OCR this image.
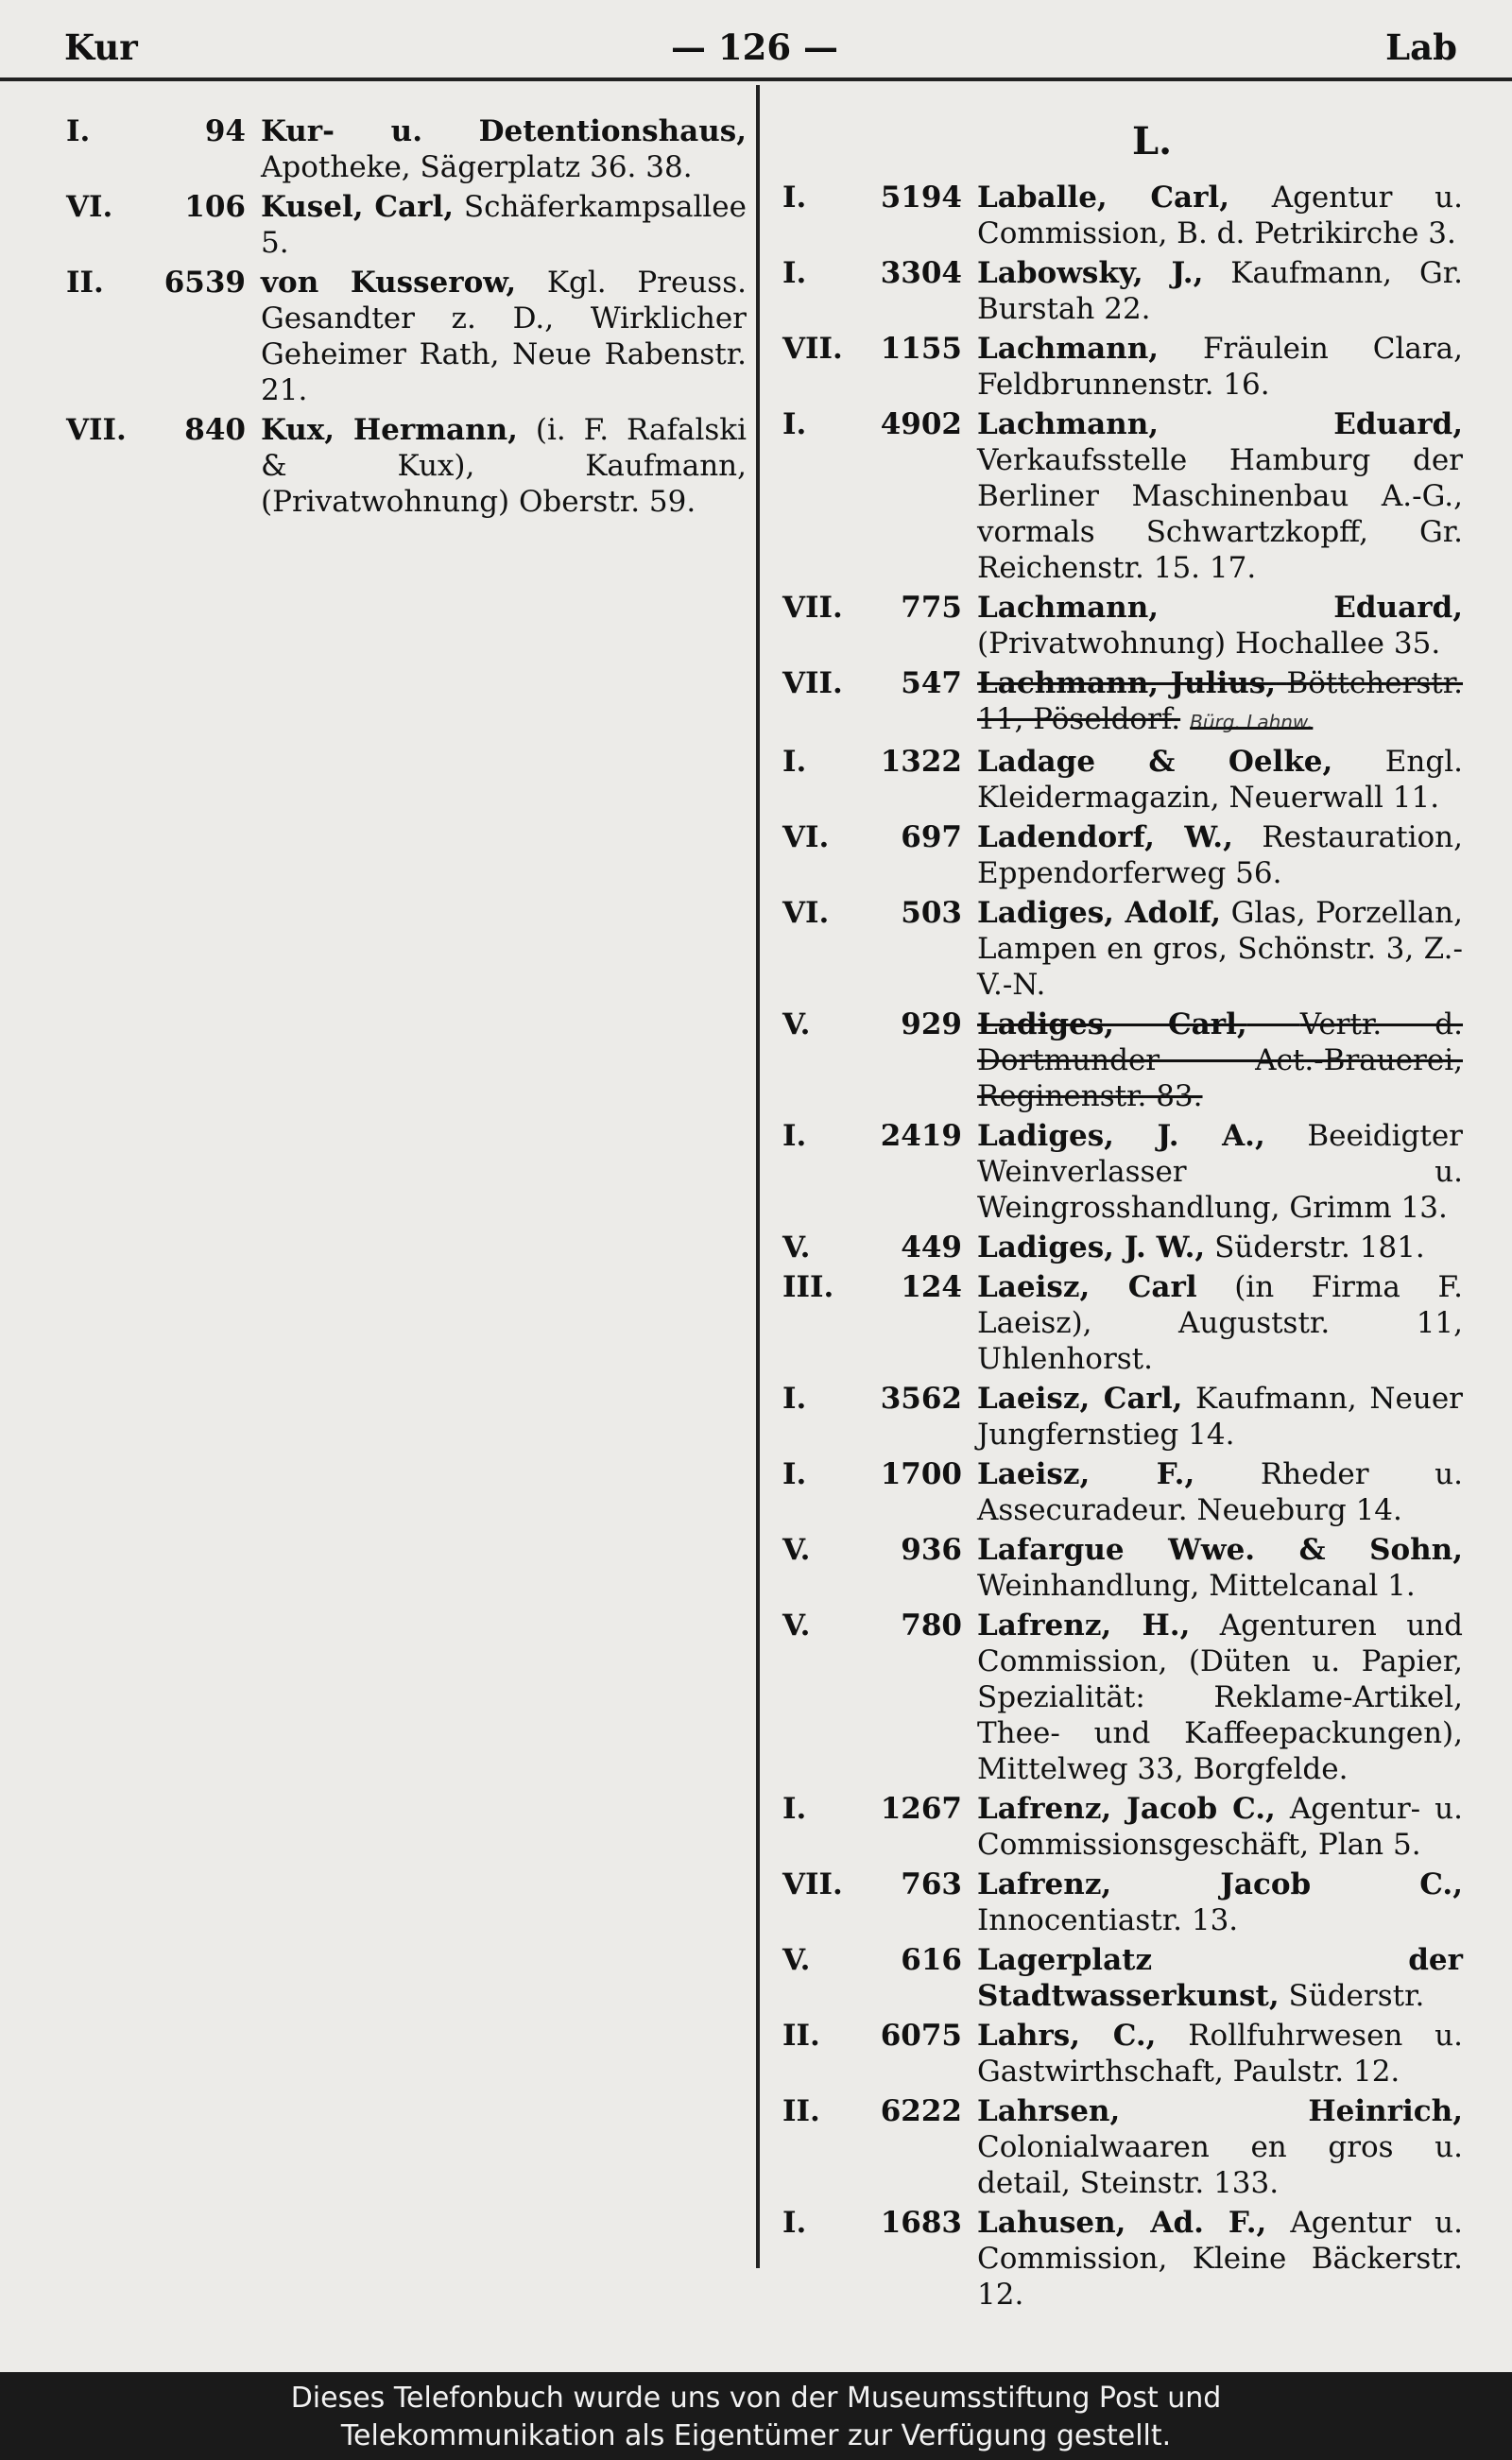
Kur	— 126 —	Lab
I.	94 Kur- u. Detentionshaus, Apotheke, Sägerplatz 36. 38.
VI. 106 Kusel, Carl, Schäferkampsallee 5.
II. 6539 von Kusserow, Kgl. Preuss. Gesandter z. D., Wirklicher Geheimer Rath, Neue Rabenstr. 21.
VII. 840 Kux, Hermann, (i. F. Rafalski & Kux), Kaufmann, (Privatwohnung) Oberstr. 59.
L.
I.	5194 Laballe, Carl, Agentur u. Commission, B. d. Petrikirche 3.
I.	3304 Labowsky, J., Kaufmann, Gr. Burstah 22.
VII. 1155 Lachmann, Fräulein Clara, Feldbrunnenstr. 16.
I.	4902 Lachmann, Eduard, Verkaufsstelle Hamburg der Berliner Maschinenbau A.-G., vormals Schwartzkopff, Gr. Reichenstr. 15. 17.
VII. 775 Lachmann, Eduard, (Privatwohnung) Hochallee 35.
VII. 547 Lachmann, Julius, Böttcherstr. 11, Pöseldorf. Bürg. Lahnw.
I.	1322 Ladage & Oelke, Engl. Kleidermagazin, Neuerwall 11.
VI. 697 Ladendorf, W., Restauration, Eppendorferweg 56.
VI. 503 Ladiges, Adolf, Glas, Porzellan, Lampen en gros, Schönstr. 3, Z.-V.-N.
V.	929 Ladiges, Carl, Vertr. d. Dortmunder Act.-Brauerei, Reginenstr. 83.
I.	2419 Ladiges, J. A., Beeidigter Weinverlasser u. Weingrosshandlung, Grimm 13.
V.	449 Ladiges, J. W., Süderstr. 181.
III. 124 Laeisz, Carl (in Firma F. Laeisz), Auguststr. 11, Uhlenhorst.
I.	3562 Laeisz, Carl, Kaufmann, Neuer Jungfernstieg 14.
I.	1700 Laeisz, F., Rheder u. Assecuradeur. Neueburg 14.
V.	936 Lafargue Wwe. & Sohn, Weinhandlung, Mittelcanal 1.
V.	780 Lafrenz, H., Agenturen und Commission, (Düten u. Papier, Spezialität: Reklame-Artikel, Thee- und Kaffeepackungen), Mittelweg 33, Borgfelde.
I.	1267 Lafrenz, Jacob C., Agentur- u. Commissionsgeschäft, Plan 5.
VII. 763 Lafrenz, Jacob C., Innocentiastr. 13.
V.	616 Lagerplatz der Stadtwasserkunst, Süderstr.
II. 6075 Lahrs, C., Rollfuhrwesen u. Gastwirthschaft, Paulstr. 12.
II. 6222 Lahrsen, Heinrich, Colonialwaaren en gros u. detail, Steinstr. 133.
I.	1683 Lahusen, Ad. F., Agentur u. Commission, Kleine Bäckerstr. 12.
Dieses Telefonbuch wurde uns von der Museumsstiftung Post und
Telekommunikation als Eigentümer zur Verfügung gestellt.
